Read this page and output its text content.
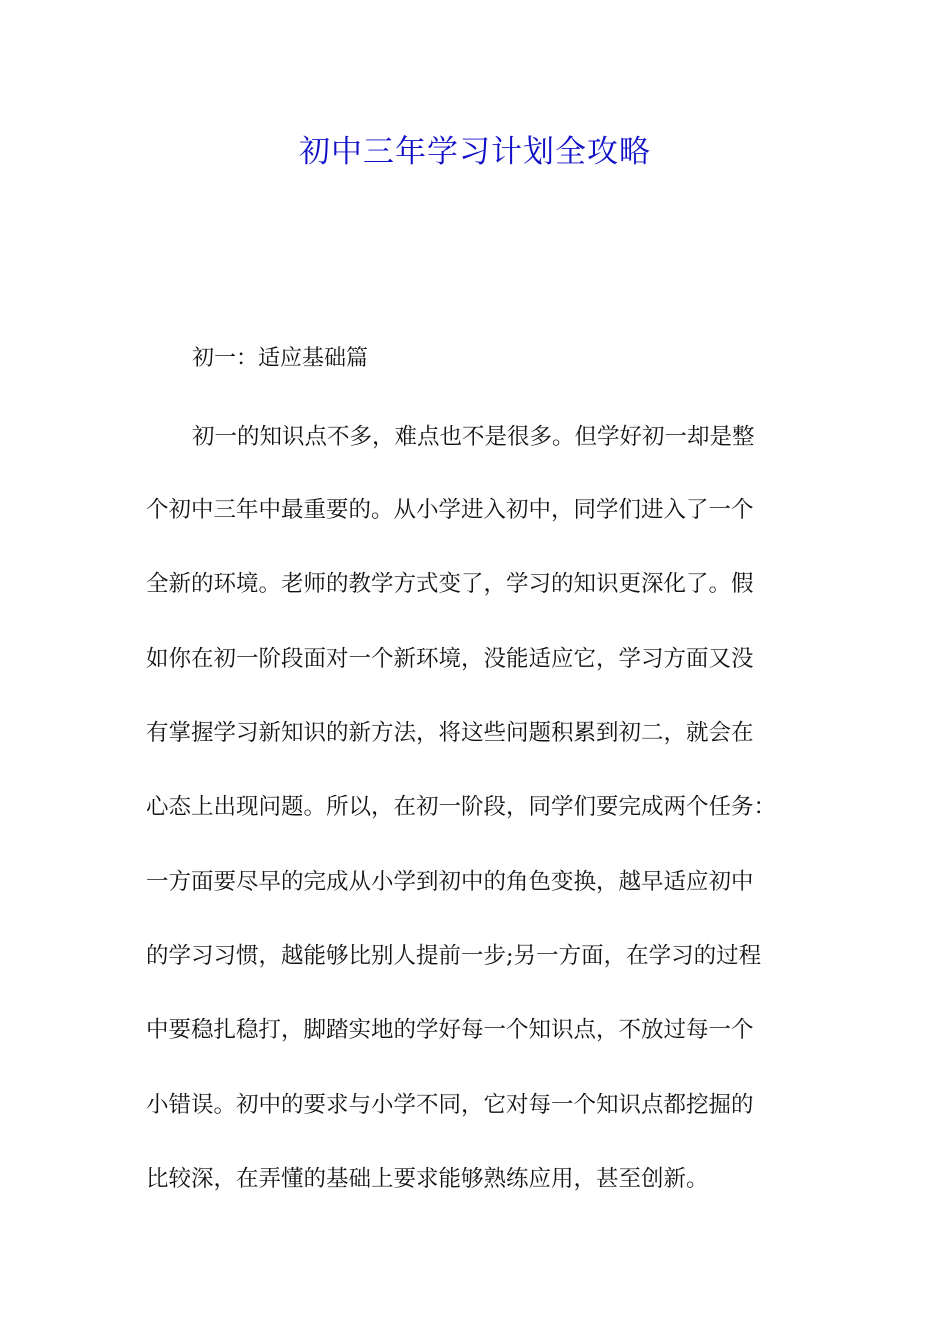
初中三年学习计划全攻略
初一：适应基础篇

初一的知识点不多，难点也不是很多。但学好初一却是整

个初中三年中最重要的。从小学进入初中，同学们进入了一个

全新的环境。老师的教学方式变了，学习的知识更深化了。假

如你在初一阶段面对一个新环境，没能适应它，学习方面又没

有掌握学习新知识的新方法，将这些问题积累到初二，就会在

心态上出现问题。所以，在初一阶段，同学们要完成两个任务：

一方面要尽早的完成从小学到初中的角色变换，越早适应初中

的学习习惯，越能够比别人提前一步;另一方面，在学习的过程

中要稳扎稳打，脚踏实地的学好每一个知识点，不放过每一个

小错误。初中的要求与小学不同，它对每一个知识点都挖掘的

比较深，在弄懂的基础上要求能够熟练应用，甚至创新。
